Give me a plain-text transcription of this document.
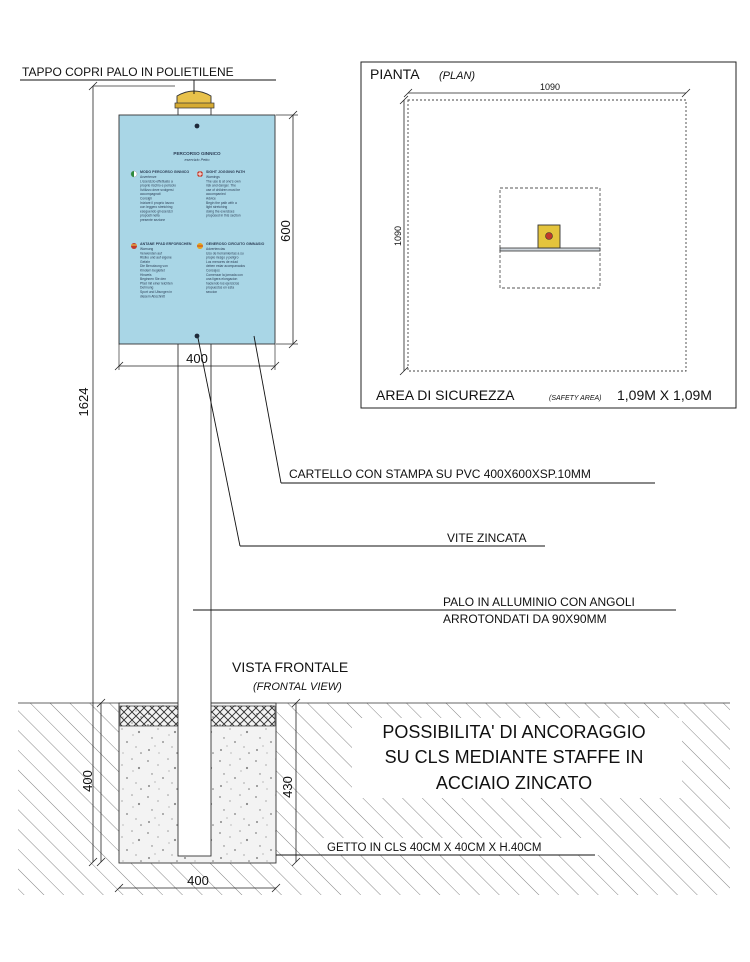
PIANTA (PLAN)
1090
1090
AREA DI SICUREZZA	(SAFETY AREA) 1,09M X 1,09M
PERCORSO GINNICO
esercizio Petto
MODO PERCORSO GINNICO
Avvertenze
L'esercizio effettuato a
proprio rischio e pericolo
l'utilizzo deve svolgersi
accompagnati
Consigli
Iniziare il proprio lavoro
con leggero stretching
eseguendo gli esercizi
proposti nella
presente sezione
SIGHT JOGGING PATH
Warnings
The use is at one's own
risk and danger. The
use of children must be
accompanied
Advice
Begin the path with a
light stretching
doing the exercises
proposed in this section
ANTANE PFAD ERFORSCHEN
Warnung
Verwenden auf
Risiko und auf eigene
Gefahr
Die Benutzung von
Kindern begleitet
Hinweis
Beginnen Sie den
Pfad mit einer leichten
Dehnung
Sport und Ubungen in
diesem Abschnitt
GENEROSO CIRCUITO GIMNASIO
Advertencias
Uso de herramientas a su
propio riesgo y peligro
Los menores de edad
deben estar acompanados
Consejos
Comenzar la jornada con
una ligera elongacion
haciendo los ejercicios
propuestos en esta
seccion
1624
400
600
400
430
400
TAPPO COPRI PALO IN POLIETILENE
CARTELLO CON STAMPA SU PVC 400X600XSP.10MM
VITE ZINCATA
PALO IN ALLUMINIO CON ANGOLI
ARROTONDATI DA 90X90MM
VISTA FRONTALE
(FRONTAL VIEW)
POSSIBILITA' DI ANCORAGGIO
SU CLS MEDIANTE STAFFE IN
ACCIAIO ZINCATO
GETTO IN CLS 40CM X 40CM X H.40CM
